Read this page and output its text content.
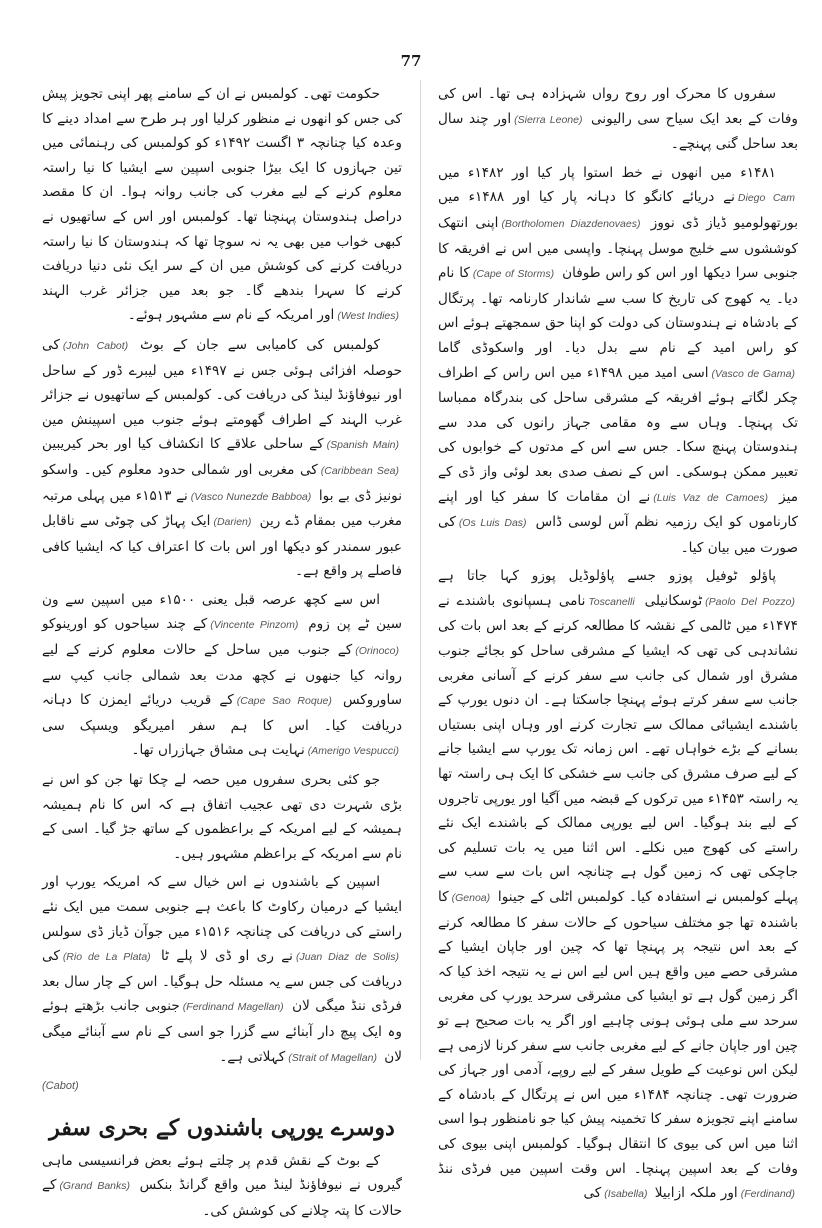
77

سفروں کا محرک اور روح رواں شہزادہ ہی تھا۔ اس کی وفات کے بعد ایک سیاح سی رالیونی (Sierra Leone)اور چند سال بعد ساحل گنی پہنچے۔

۱۴۸۱ء میں انھوں نے خط استوا پار کیا اور ۱۴۸۲ء میں Diego Camنے دریائے کانگو کا دہانہ پار کیا اور ۱۴۸۸ء میں بورتھولومیو ڈیاز ڈی نووز (Bortholomen Diazdenovaes)اپنی انتھک کوششوں سے خلیج موسل پہنچا۔ واپسی میں اس نے افریقہ کا جنوبی سرا دیکھا اور اس کو راس طوفان (Cape of Storms)کا نام دیا۔ یہ کھوج کی تاریخ کا سب سے شاندار کارنامہ تھا۔ پرتگال کے بادشاہ نے ہندوستان کی دولت کو اپنا حق سمجھتے ہوئے اس کو راس امید کے نام سے بدل دیا۔ اور واسکوڈی گاما (Vasco de Gama)اسی امید میں ۱۴۹۸ء میں اس راس کے اطراف چکر لگاتے ہوئے افریقہ کے مشرقی ساحل کی بندرگاہ ممباسا تک پہنچا۔ وہاں سے وہ مقامی جہاز رانوں کی مدد سے ہندوستان پہنچ سکا۔ جس سے اس کے مدتوں کے خوابوں کی تعبیر ممکن ہوسکی۔ اس کے نصف صدی بعد لوئی واز ڈی کے میز (Luis Vaz de Camoes)نے ان مقامات کا سفر کیا اور اپنے کارناموں کو ایک رزمیہ نظم آس لوسی ڈاس (Os Luis Das)کی صورت میں بیان کیا۔

پاؤلو ٹوفیل پوزو جسے پاؤلوڈیل پوزو کہا جاتا ہے (Paolo Del Pozzo)ٹوسکانیلی Toscanelliنامی ہسپانوی باشندے نے ۱۴۷۴ء میں ٹالمی کے نقشہ کا مطالعہ کرنے کے بعد اس بات کی نشاندہی کی تھی کہ ایشیا کے مشرقی ساحل کو بجائے جنوب مشرق اور شمال کی جانب سے سفر کرنے کے آسانی مغربی جانب سے سفر کرتے ہوئے پہنچا جاسکتا ہے۔ ان دنوں یورپ کے باشندے ایشیائی ممالک سے تجارت کرنے اور وہاں اپنی بستیاں بسانے کے بڑے خواہاں تھے۔ اس زمانہ تک یورپ سے ایشیا جانے کے لیے صرف مشرق کی جانب سے خشکی کا ایک ہی راستہ تھا یہ راستہ ۱۴۵۳ء میں ترکوں کے قبضہ میں آگیا اور یورپی تاجروں کے لیے بند ہوگیا۔ اس لیے یورپی ممالک کے باشندے ایک نئے راستے کی کھوج میں نکلے۔ اس اثنا میں یہ بات تسلیم کی جاچکی تھی کہ زمین گول ہے چنانچہ اس بات سے سب سے پہلے کولمبس نے استفادہ کیا۔ کولمبس اٹلی کے جینوا (Genoa)کا باشندہ تھا جو مختلف سیاحوں کے حالات سفر کا مطالعہ کرنے کے بعد اس نتیجہ پر پہنچا تھا کہ چین اور جاپان ایشیا کے مشرقی حصے میں واقع ہیں اس لیے اس نے یہ نتیجہ اخذ کیا کہ اگر زمین گول ہے تو ایشیا کی مشرقی سرحد یورپ کی مغربی سرحد سے ملی ہوئی ہونی چاہیے اور اگر یہ بات صحیح ہے تو چین اور جاپان جانے کے لیے مغربی جانب سے سفر کرنا لازمی ہے لیکن اس نوعیت کے طویل سفر کے لیے روپے، آدمی اور جہاز کی ضرورت تھی۔ چنانچہ ۱۴۸۴ء میں اس نے پرتگال کے بادشاہ کے سامنے اپنے تجویزہ سفر کا تخمینہ پیش کیا جو نامنظور ہوا اسی اثنا میں اس کی بیوی کا انتقال ہوگیا۔ کولمبس اپنی بیوی کی وفات کے بعد اسپین پہنچا۔ اس وقت اسپین میں فرڈی ننڈ (Ferdinand)اور ملکہ ازابیلا (Isabella)کی

حکومت تھی۔ کولمبس نے ان کے سامنے پھر اپنی تجویز پیش کی جس کو انھوں نے منظور کرلیا اور ہر طرح سے امداد دینے کا وعدہ کیا چنانچہ ۳ اگست ۱۴۹۲ء کو کولمبس کی رہنمائی میں تین جہازوں کا ایک بیڑا جنوبی اسپین سے ایشیا کا نیا راستہ معلوم کرنے کے لیے مغرب کی جانب روانہ ہوا۔ ان کا مقصد دراصل ہندوستان پہنچنا تھا۔ کولمبس اور اس کے ساتھیوں نے کبھی خواب میں بھی یہ نہ سوچا تھا کہ ہندوستان کا نیا راستہ دریافت کرنے کی کوشش میں ان کے سر ایک نئی دنیا دریافت کرنے کا سہرا بندھے گا۔ جو بعد میں جزائر غرب الہند (West Indies)اور امریکہ کے نام سے مشہور ہوئے۔

کولمبس کی کامیابی سے جان کے بوٹ (John Cabot)کی حوصلہ افزائی ہوئی جس نے ۱۴۹۷ء میں لیبرے ڈور کے ساحل اور نیوفاؤنڈ لینڈ کی دریافت کی۔ کولمبس کے ساتھیوں نے جزائر غرب الہند کے اطراف گھومتے ہوئے جنوب میں اسپینش مین (Spanish Main)کے ساحلی علاقے کا انکشاف کیا اور بحر کیریبین (Caribbean Sea)کی مغربی اور شمالی حدود معلوم کیں۔ واسکو نونیز ڈی بے بوا (Vasco Nunezde Babboa)نے ۱۵۱۳ء میں پہلی مرتبہ مغرب میں بمقام ڈے رین (Darien)ایک پہاڑ کی چوٹی سے ناقابل عبور سمندر کو دیکھا اور اس بات کا اعتراف کیا کہ ایشیا کافی فاصلے پر واقع ہے۔

اس سے کچھ عرصہ قبل یعنی ۱۵۰۰ء میں اسپین سے ون سین ٹے پن زوم (Vincente Pinzom)کے چند سیاحوں کو اورینوکو (Orinoco)کے جنوب میں ساحل کے حالات معلوم کرنے کے لیے روانہ کیا جنھوں نے کچھ مدت بعد شمالی جانب کیپ سے ساوروکس (Cape Sao Roque)کے قریب دریائے ایمزن کا دہانہ دریافت کیا۔ اس کا ہم سفر امیریگو ویسپک سی (Amerigo Vespucci)نہایت ہی مشاق جہازراں تھا۔

جو کئی بحری سفروں میں حصہ لے چکا تھا جن کو اس نے بڑی شہرت دی تھی عجیب اتفاق ہے کہ اس کا نام ہمیشہ ہمیشہ کے لیے امریکہ کے براعظموں کے ساتھ جڑ گیا۔ اسی کے نام سے امریکہ کے براعظم مشہور ہیں۔

اسپین کے باشندوں نے اس خیال سے کہ امریکہ یورپ اور ایشیا کے درمیان رکاوٹ کا باعث ہے جنوبی سمت میں ایک نئے راستے کی دریافت کی چنانچہ ۱۵۱۶ء میں جوآن ڈیاز ڈی سولس (Juan Diaz de Solis)نے ری او ڈی لا پلے ٹا (Rio de La Plata)کی دریافت کی جس سے یہ مسئلہ حل ہوگیا۔ اس کے چار سال بعد فرڈی ننڈ میگی لان (Ferdinand Magellan)جنوبی جانب بڑھتے ہوئے وہ ایک پیچ دار آبنائے سے گزرا جو اسی کے نام سے آبنائے میگی لان (Strait of Magellan)کہلاتی ہے۔

(Cabot)
دوسرے یورپی باشندوں کے بحری سفر

کے بوٹ کے نقش قدم پر چلتے ہوئے بعض فرانسیسی ماہی گیروں نے نیوفاؤنڈ لینڈ میں واقع گرانڈ بنکس (Grand Banks)کے حالات کا پتہ چلانے کی کوشش کی۔
